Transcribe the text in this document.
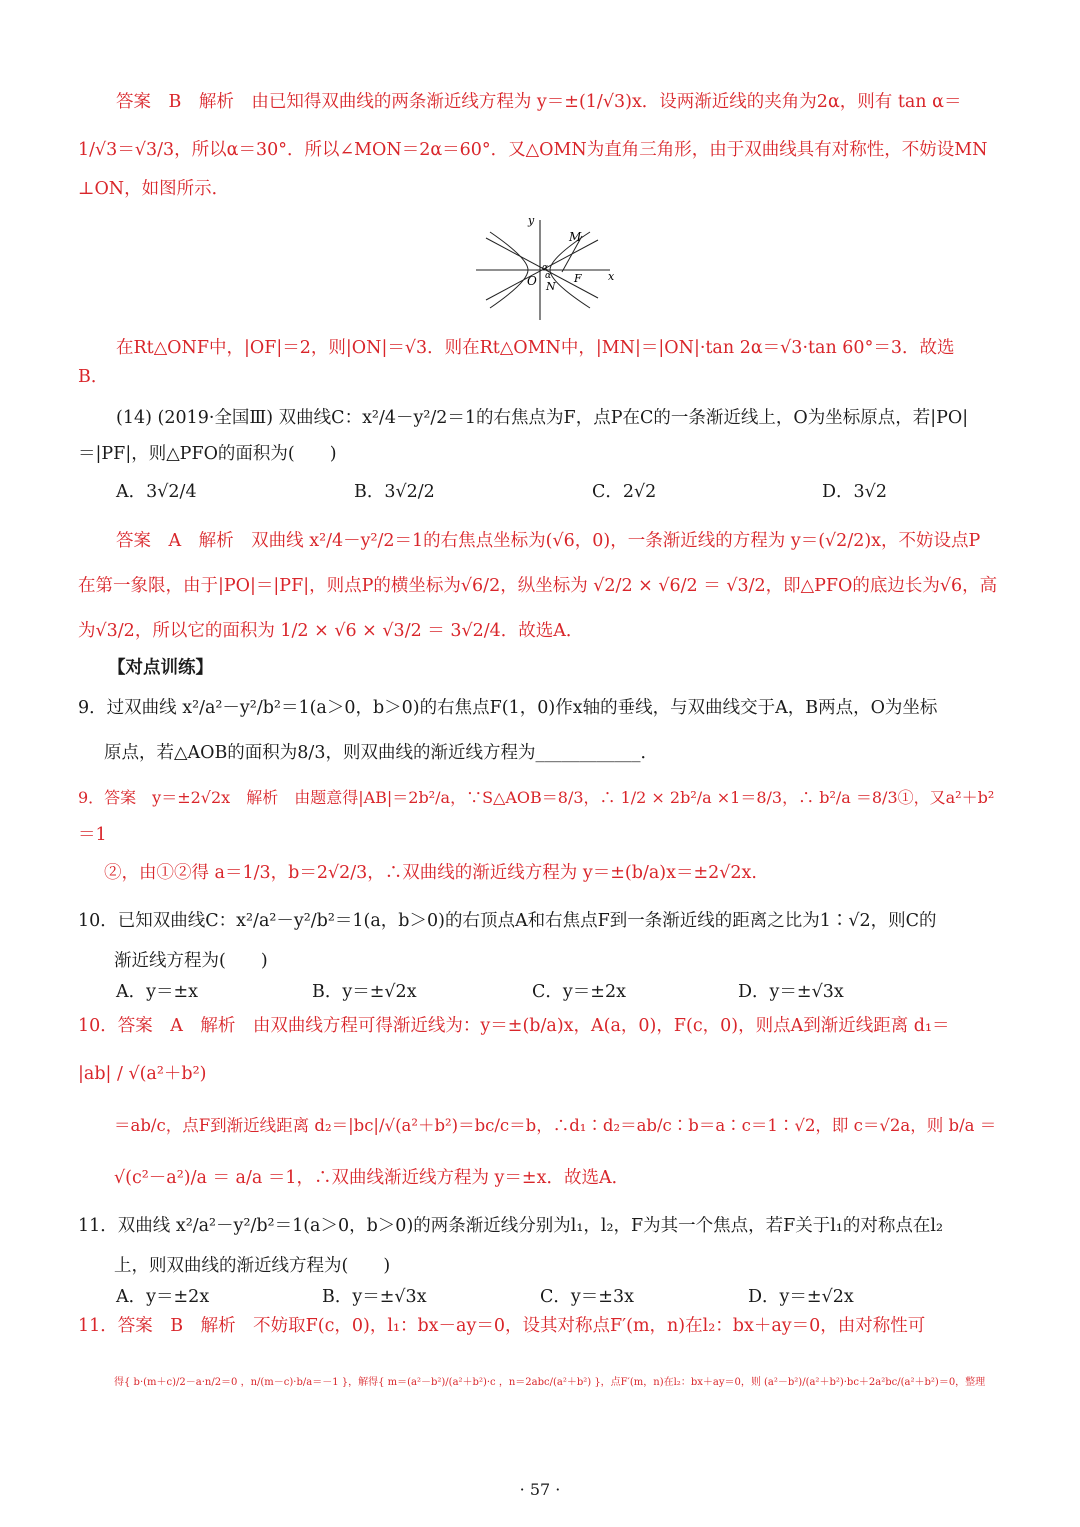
答案　B　解析　由已知得双曲线的两条渐近线方程为 y＝±(1/√3)x．设两渐近线的夹角为2α，则有 tan α＝
1/√3＝√3/3，所以α＝30°．所以∠MON＝2α＝60°．又△OMN为直角三角形，由于双曲线具有对称性，不妨设MN
⊥ON，如图所示．
y
x
M
O N
F
α
α
在Rt△ONF中，|OF|＝2，则|ON|＝√3．则在Rt△OMN中，|MN|＝|ON|·tan 2α＝√3·tan 60°＝3．故选
B．
(14) (2019·全国Ⅲ) 双曲线C：x²/4－y²/2＝1的右焦点为F，点P在C的一条渐近线上，O为坐标原点，若|PO|
＝|PF|，则△PFO的面积为(　　)
A．3√2/4	B．3√2/2	C．2√2	D．3√2
答案　A　解析　双曲线 x²/4－y²/2＝1的右焦点坐标为(√6，0)，一条渐近线的方程为 y＝(√2/2)x，不妨设点P
在第一象限，由于|PO|＝|PF|，则点P的横坐标为√6/2，纵坐标为 √2/2 × √6/2 ＝ √3/2，即△PFO的底边长为√6，高
为√3/2，所以它的面积为 1/2 × √6 × √3/2 ＝ 3√2/4．故选A．
【对点训练】
9．过双曲线 x²/a²－y²/b²＝1(a＞0，b＞0)的右焦点F(1，0)作x轴的垂线，与双曲线交于A，B两点，O为坐标
原点，若△AOB的面积为8/3，则双曲线的渐近线方程为____________．
9．答案　y＝±2√2x　解析　由题意得|AB|＝2b²/a，∵S△AOB＝8/3，∴ 1/2 × 2b²/a ×1＝8/3，∴ b²/a ＝8/3①，又a²＋b²
＝1
②，由①②得 a＝1/3，b＝2√2/3，∴双曲线的渐近线方程为 y＝±(b/a)x＝±2√2x.
10．已知双曲线C：x²/a²－y²/b²＝1(a，b＞0)的右顶点A和右焦点F到一条渐近线的距离之比为1∶√2，则C的
渐近线方程为(　　)
A．y＝±x	B．y＝±√2x	C．y＝±2x	D．y＝±√3x
10．答案　A　解析　由双曲线方程可得渐近线为：y＝±(b/a)x，A(a，0)，F(c，0)，则点A到渐近线距离 d₁＝
|ab| / √(a²＋b²)
＝ab/c，点F到渐近线距离 d₂＝|bc|/√(a²＋b²)＝bc/c＝b，∴d₁∶d₂＝ab/c∶b＝a∶c＝1∶√2，即 c＝√2a，则 b/a ＝
√(c²－a²)/a ＝ a/a ＝1，∴双曲线渐近线方程为 y＝±x．故选A．
11．双曲线 x²/a²－y²/b²＝1(a＞0，b＞0)的两条渐近线分别为l₁，l₂，F为其一个焦点，若F关于l₁的对称点在l₂
上，则双曲线的渐近线方程为(　　)
A．y＝±2x	B．y＝±√3x	C．y＝±3x	D．y＝±√2x
11．答案　B　解析　不妨取F(c，0)，l₁：bx－ay＝0，设其对称点F′(m，n)在l₂：bx＋ay＝0，由对称性可
得{ b·(m＋c)/2－a·n/2＝0 ，n/(m－c)·b/a＝－1 }，解得{ m＝(a²－b²)/(a²＋b²)·c ，n＝2abc/(a²＋b²) }，点F′(m，n)在l₂：bx＋ay＝0，则 (a²－b²)/(a²＋b²)·bc＋2a²bc/(a²＋b²)＝0，整理
· 57 ·
